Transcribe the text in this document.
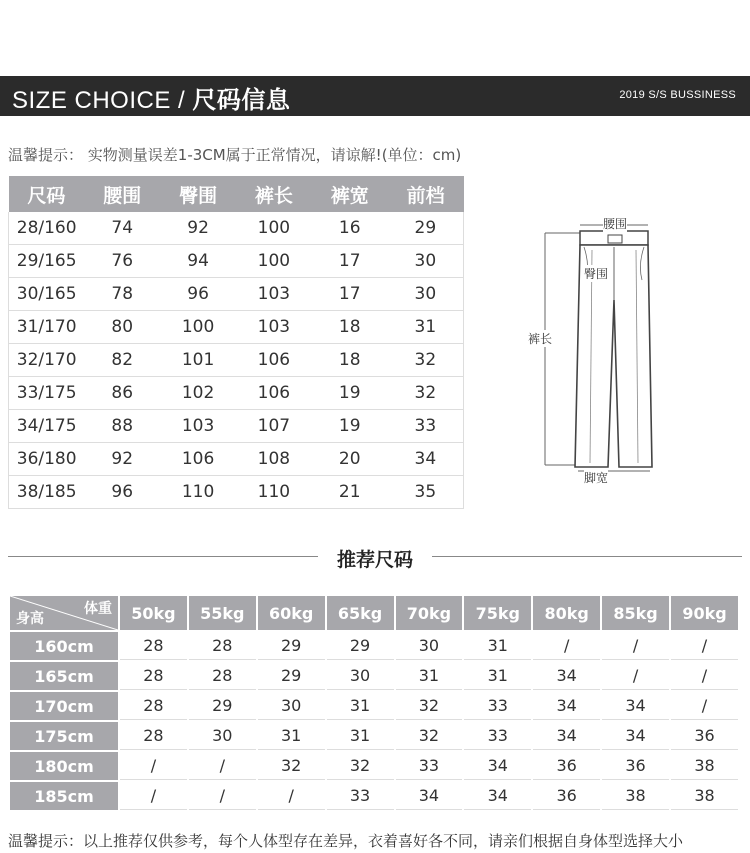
SIZE CHOICE / 尺码信息	2019 S/S BUSSINESS
温馨提示： 实物测量误差1-3CM属于正常情况，请谅解!(单位：cm)
尺码	腰围	臀围	裤长	裤宽	前档
28/160	74	92	100	16	29
29/165	76	94	100	17	30
30/165	78	96	103	17	30
31/170	80	100	103	18	31
32/170	82	101	106	18	32
33/175	86	102	106	19	32
34/175	88	103	107	19	33
36/180	92	106	108	20	34
38/185	96	110	110	21	35
腰围
臀围
裤长
脚宽
推荐尺码
体重
身高	50kg	55kg	60kg	65kg	70kg	75kg	80kg	85kg	90kg
160cm	28	28	29	29	30	31	/	/	/
165cm	28	28	29	30	31	31	34	/	/
170cm	28	29	30	31	32	33	34	34	/
175cm	28	30	31	31	32	33	34	34	36
180cm	/	/	32	32	33	34	36	36	38
185cm	/	/	/	33	34	34	36	38	38
温馨提示：以上推荐仅供参考，每个人体型存在差异，衣着喜好各不同，请亲们根据自身体型选择大小
